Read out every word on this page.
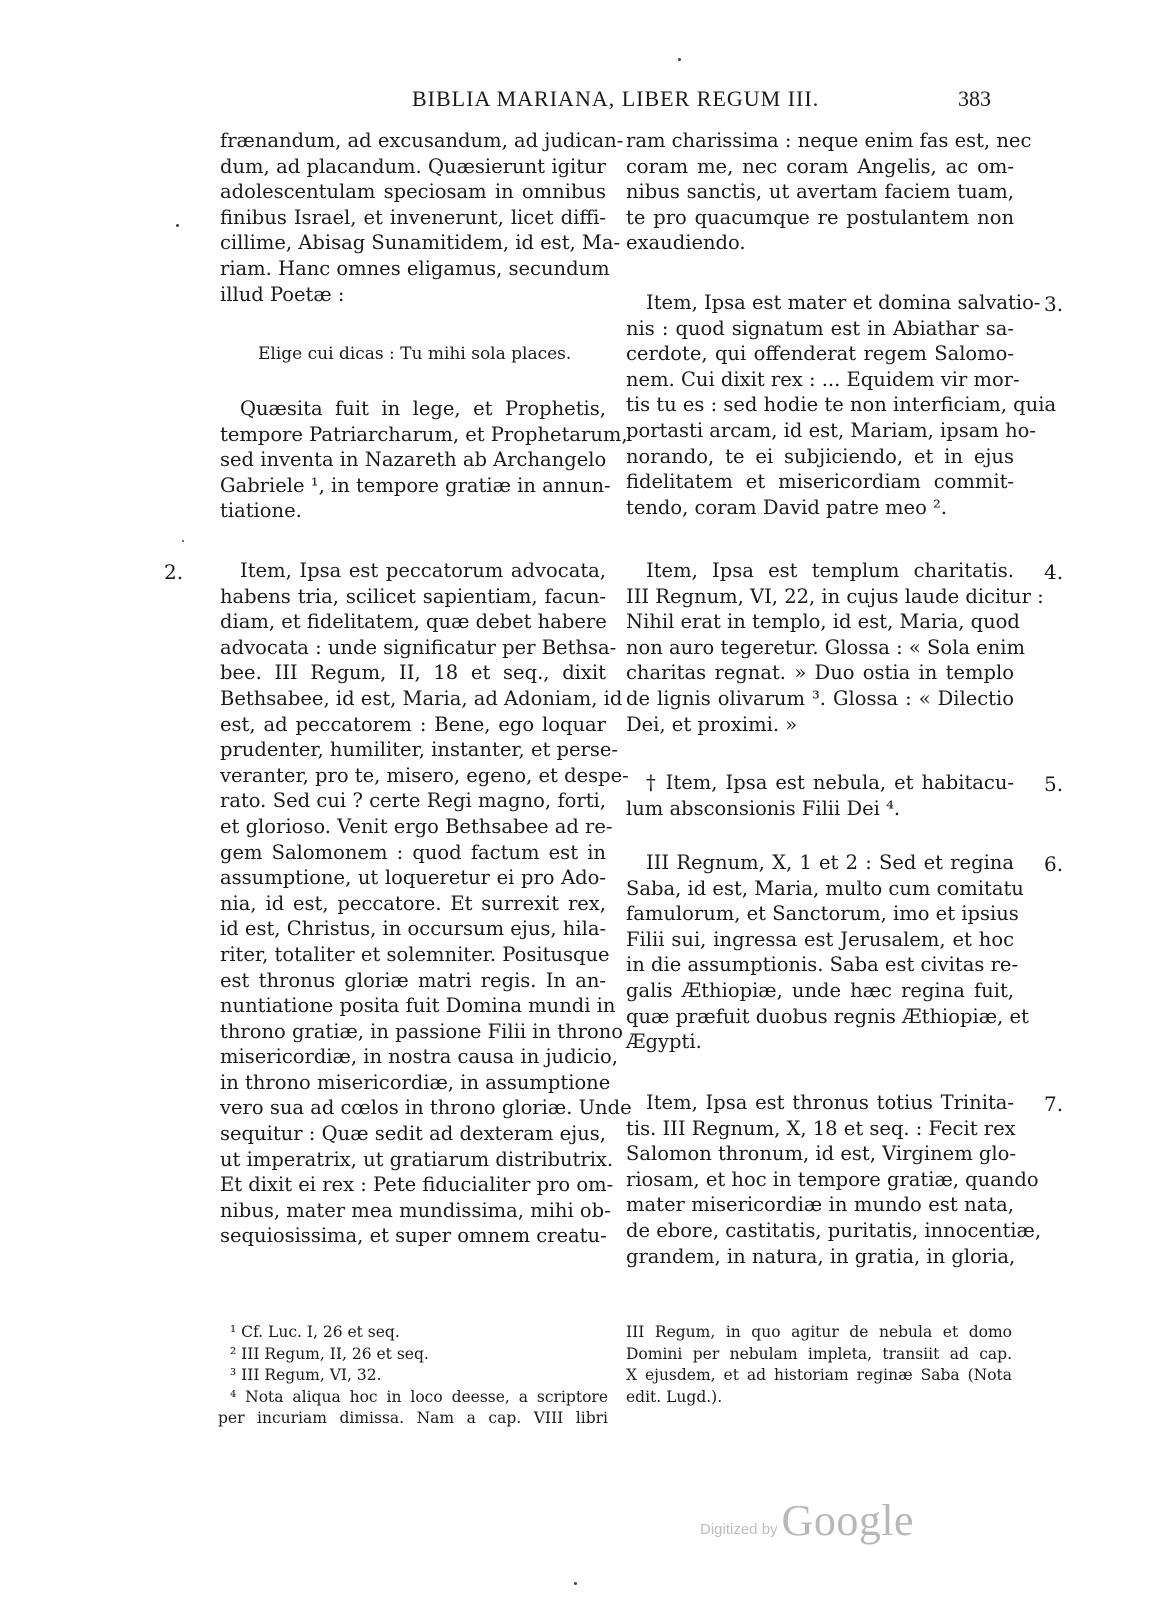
BIBLIA MARIANA, LIBER REGUM III.	383
frænandum, ad excusandum, ad judican-
dum, ad placandum. Quæsierunt igitur
adolescentulam speciosam in omnibus
finibus Israel, et invenerunt, licet diffi-
cillime, Abisag Sunamitidem, id est, Ma-
riam. Hanc omnes eligamus, secundum
illud Poetæ :
Elige cui dicas : Tu mihi sola places.
Quæsita fuit in lege, et Prophetis,
tempore Patriarcharum, et Prophetarum,
sed inventa in Nazareth ab Archangelo
Gabriele ¹, in tempore gratiæ in annun-
tiatione.
2.	Item, Ipsa est peccatorum advocata,
habens tria, scilicet sapientiam, facun-
diam, et fidelitatem, quæ debet habere
advocata : unde significatur per Bethsa-
bee. III Regum, II, 18 et seq., dixit
Bethsabee, id est, Maria, ad Adoniam, id
est, ad peccatorem : Bene, ego loquar
prudenter, humiliter, instanter, et perse-
veranter, pro te, misero, egeno, et despe-
rato. Sed cui ? certe Regi magno, forti,
et glorioso. Venit ergo Bethsabee ad re-
gem Salomonem : quod factum est in
assumptione, ut loqueretur ei pro Ado-
nia, id est, peccatore. Et surrexit rex,
id est, Christus, in occursum ejus, hila-
riter, totaliter et solemniter. Positusque
est thronus gloriæ matri regis. In an-
nuntiatione posita fuit Domina mundi in
throno gratiæ, in passione Filii in throno
misericordiæ, in nostra causa in judicio,
in throno misericordiæ, in assumptione
vero sua ad cœlos in throno gloriæ. Unde
sequitur : Quæ sedit ad dexteram ejus,
ut imperatrix, ut gratiarum distributrix.
Et dixit ei rex : Pete fiducialiter pro om-
nibus, mater mea mundissima, mihi ob-
sequiosissima, et super omnem creatu-
ram charissima : neque enim fas est, nec
coram me, nec coram Angelis, ac om-
nibus sanctis, ut avertam faciem tuam,
te pro quacumque re postulantem non
exaudiendo.
3.
Item, Ipsa est mater et domina salvatio-
nis : quod signatum est in Abiathar sa-
cerdote, qui offenderat regem Salomo-
nem. Cui dixit rex : ... Equidem vir mor-
tis tu es : sed hodie te non interficiam, quia
portasti arcam, id est, Mariam, ipsam ho-
norando, te ei subjiciendo, et in ejus
fidelitatem et misericordiam commit-
tendo, coram David patre meo ².
4.
Item, Ipsa est templum charitatis.
III Regnum, VI, 22, in cujus laude dicitur :
Nihil erat in templo, id est, Maria, quod
non auro tegeretur. Glossa : « Sola enim
charitas regnat. » Duo ostia in templo
de lignis olivarum ³. Glossa : « Dilectio
Dei, et proximi. »
5.
† Item, Ipsa est nebula, et habitacu-
lum absconsionis Filii Dei ⁴.
6.
III Regnum, X, 1 et 2 : Sed et regina
Saba, id est, Maria, multo cum comitatu
famulorum, et Sanctorum, imo et ipsius
Filii sui, ingressa est Jerusalem, et hoc
in die assumptionis. Saba est civitas re-
galis Æthiopiæ, unde hæc regina fuit,
quæ præfuit duobus regnis Æthiopiæ, et
Ægypti.
7.
Item, Ipsa est thronus totius Trinita-
tis. III Regnum, X, 18 et seq. : Fecit rex
Salomon thronum, id est, Virginem glo-
riosam, et hoc in tempore gratiæ, quando
mater misericordiæ in mundo est nata,
de ebore, castitatis, puritatis, innocentiæ,
grandem, in natura, in gratia, in gloria,
¹ Cf. Luc. I, 26 et seq.
² III Regum, II, 26 et seq.
³ III Regum, VI, 32.
⁴ Nota aliqua hoc in loco deesse, a scriptore
per incuriam dimissa. Nam a cap. VIII libri
III Regum, in quo agitur de nebula et domo
Domini per nebulam impleta, transiit ad cap.
X ejusdem, et ad historiam reginæ Saba (Nota
edit. Lugd.).
Digitized by Google
